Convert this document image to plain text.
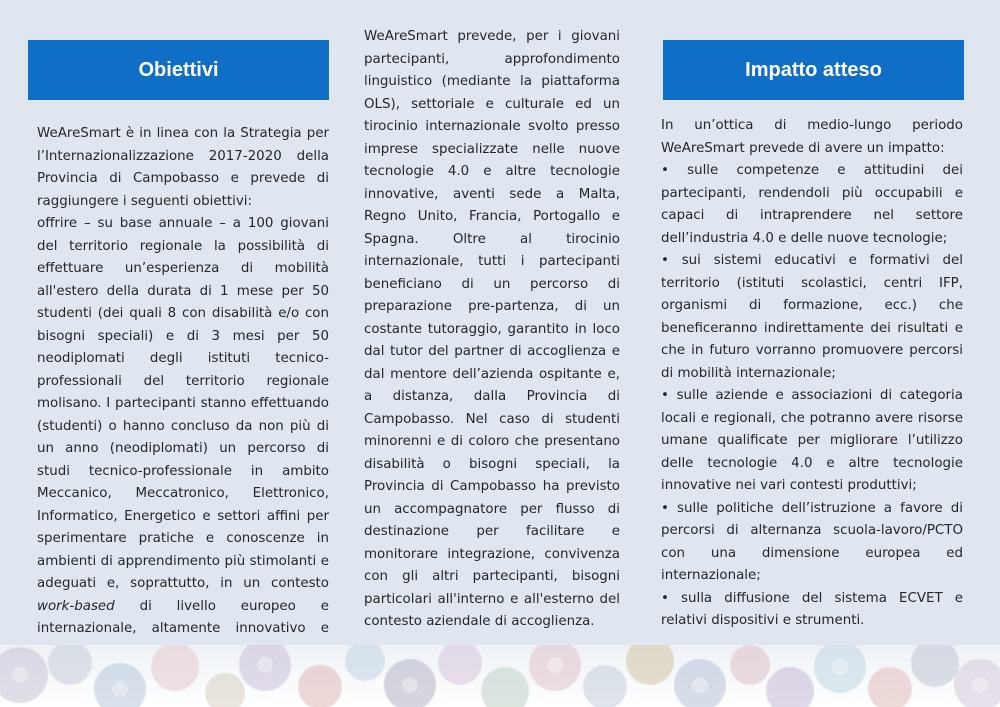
Obiettivi

WeAreSmart è in linea con la Strategia per l’Internazionalizzazione 2017-2020 della Provincia di Campobasso e prevede di raggiungere i seguenti obiettivi:

offrire – su base annuale – a 100 giovani del territorio regionale la possibilità di effettuare un’esperienza di mobilità all'estero della durata di 1 mese per 50 studenti (dei quali 8 con disabilità e/o con bisogni speciali) e di 3 mesi per 50 neodiplomati degli istituti tecnico-professionali del territorio regionale molisano. I partecipanti stanno effettuando (studenti) o hanno concluso da non più di un anno (neodiplomati) un percorso di studi tecnico-professionale in ambito Meccanico, Meccatronico, Elettronico, Informatico, Energetico e settori affini per sperimentare pratiche e conoscenze in ambienti di apprendimento più stimolanti e adeguati e, soprattutto, in un contesto work-based di livello europeo e internazionale, altamente innovativo e

WeAreSmart prevede, per i giovani partecipanti, approfondimento linguistico (mediante la piattaforma OLS), settoriale e culturale ed un tirocinio internazionale svolto presso imprese specializzate nelle nuove tecnologie 4.0 e altre tecnologie innovative, aventi sede a Malta, Regno Unito, Francia, Portogallo e Spagna. Oltre al tirocinio internazionale, tutti i partecipanti beneficiano di un percorso di preparazione pre-partenza, di un costante tutoraggio, garantito in loco dal tutor del partner di accoglienza e dal mentore dell’azienda ospitante e, a distanza, dalla Provincia di Campobasso. Nel caso di studenti minorenni e di coloro che presentano disabilità o bisogni speciali, la Provincia di Campobasso ha previsto un accompagnatore per flusso di destinazione per facilitare e monitorare integrazione, convivenza con gli altri partecipanti, bisogni particolari all'interno e all'esterno del contesto aziendale di accoglienza.

Impatto atteso

In un’ottica di medio-lungo periodo WeAreSmart prevede di avere un impatto:

• sulle competenze e attitudini dei partecipanti, rendendoli più occupabili e capaci di intraprendere nel settore dell’industria 4.0 e delle nuove tecnologie;

• sui sistemi educativi e formativi del territorio (istituti scolastici, centri IFP, organismi di formazione, ecc.) che beneficeranno indirettamente dei risultati e che in futuro vorranno promuovere percorsi di mobilità internazionale;

• sulle aziende e associazioni di categoria locali e regionali, che potranno avere risorse umane qualificate per migliorare l’utilizzo delle tecnologie 4.0 e altre tecnologie innovative nei vari contesti produttivi;

• sulle politiche dell’istruzione a favore di percorsi di alternanza scuola-lavoro/PCTO con una dimensione europea ed internazionale;

• sulla diffusione del sistema ECVET e relativi dispositivi e strumenti.
